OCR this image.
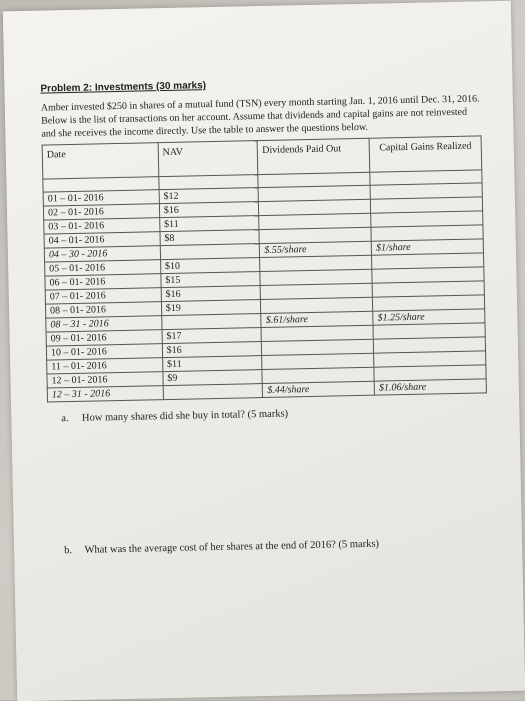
Problem 2: Investments (30 marks)
Amber invested $250 in shares of a mutual fund (TSN) every month starting Jan. 1, 2016 until Dec. 31, 2016. Below is the list of transactions on her account. Assume that dividends and capital gains are not reinvested and she receives the income directly. Use the table to answer the questions below.
Date	NAV	Dividends Paid Out	Capital Gains Realized

01 – 01- 2016	$12		
02 – 01- 2016	$16		
03 – 01- 2016	$11		
04 – 01- 2016	$8		
04 – 30 - 2016		$.55/share	$1/share
05 – 01- 2016	$10		
06 – 01- 2016	$15		
07 – 01- 2016	$16		
08 – 01- 2016	$19		
08 – 31 - 2016		$.61/share	$1.25/share
09 – 01- 2016	$17		
10 – 01- 2016	$16		
11 – 01- 2016	$11		
12 – 01- 2016	$9		
12 – 31 - 2016		$.44/share	$1.06/share
a. How many shares did she buy in total? (5 marks)
b. What was the average cost of her shares at the end of 2016? (5 marks)
